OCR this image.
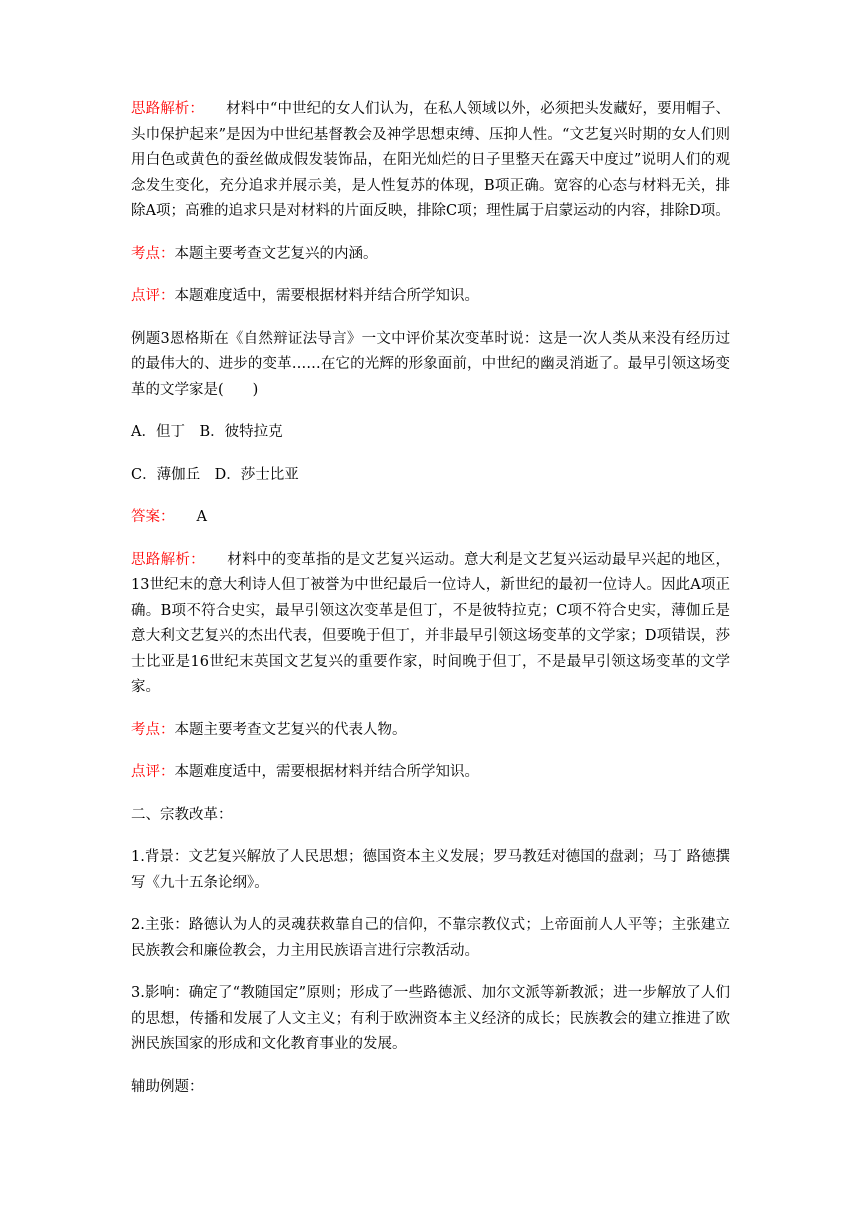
思路解析： 材料中“中世纪的女人们认为，在私人领域以外，必须把头发藏好，要用帽子、头巾保护起来”是因为中世纪基督教会及神学思想束缚、压抑人性。“文艺复兴时期的女人们则用白色或黄色的蚕丝做成假发装饰品，在阳光灿烂的日子里整天在露天中度过”说明人们的观念发生变化，充分追求并展示美，是人性复苏的体现，B项正确。宽容的心态与材料无关，排除A项；高雅的追求只是对材料的片面反映，排除C项；理性属于启蒙运动的内容，排除D项。

考点：本题主要考查文艺复兴的内涵。

点评：本题难度适中，需要根据材料并结合所学知识。

例题3恩格斯在《自然辩证法导言》一文中评价某次变革时说：这是一次人类从来没有经历过的最伟大的、进步的变革……在它的光辉的形象面前，中世纪的幽灵消逝了。最早引领这场变革的文学家是(　　)

A．但丁　B．彼特拉克

C．薄伽丘　D．莎士比亚

答案： A

思路解析： 材料中的变革指的是文艺复兴运动。意大利是文艺复兴运动最早兴起的地区，13世纪末的意大利诗人但丁被誉为中世纪最后一位诗人，新世纪的最初一位诗人。因此A项正确。B项不符合史实，最早引领这次变革是但丁，不是彼特拉克；C项不符合史实，薄伽丘是意大利文艺复兴的杰出代表，但要晚于但丁，并非最早引领这场变革的文学家；D项错误，莎士比亚是16世纪末英国文艺复兴的重要作家，时间晚于但丁，不是最早引领这场变革的文学家。

考点：本题主要考查文艺复兴的代表人物。

点评：本题难度适中，需要根据材料并结合所学知识。

二、宗教改革：

1.背景：文艺复兴解放了人民思想；德国资本主义发展；罗马教廷对德国的盘剥；马丁 路德撰写《九十五条论纲》。

2.主张：路德认为人的灵魂获救靠自己的信仰，不靠宗教仪式；上帝面前人人平等；主张建立民族教会和廉俭教会，力主用民族语言进行宗教活动。

3.影响：确定了“教随国定”原则；形成了一些路德派、加尔文派等新教派；进一步解放了人们的思想，传播和发展了人文主义；有利于欧洲资本主义经济的成长；民族教会的建立推进了欧洲民族国家的形成和文化教育事业的发展。

辅助例题：
